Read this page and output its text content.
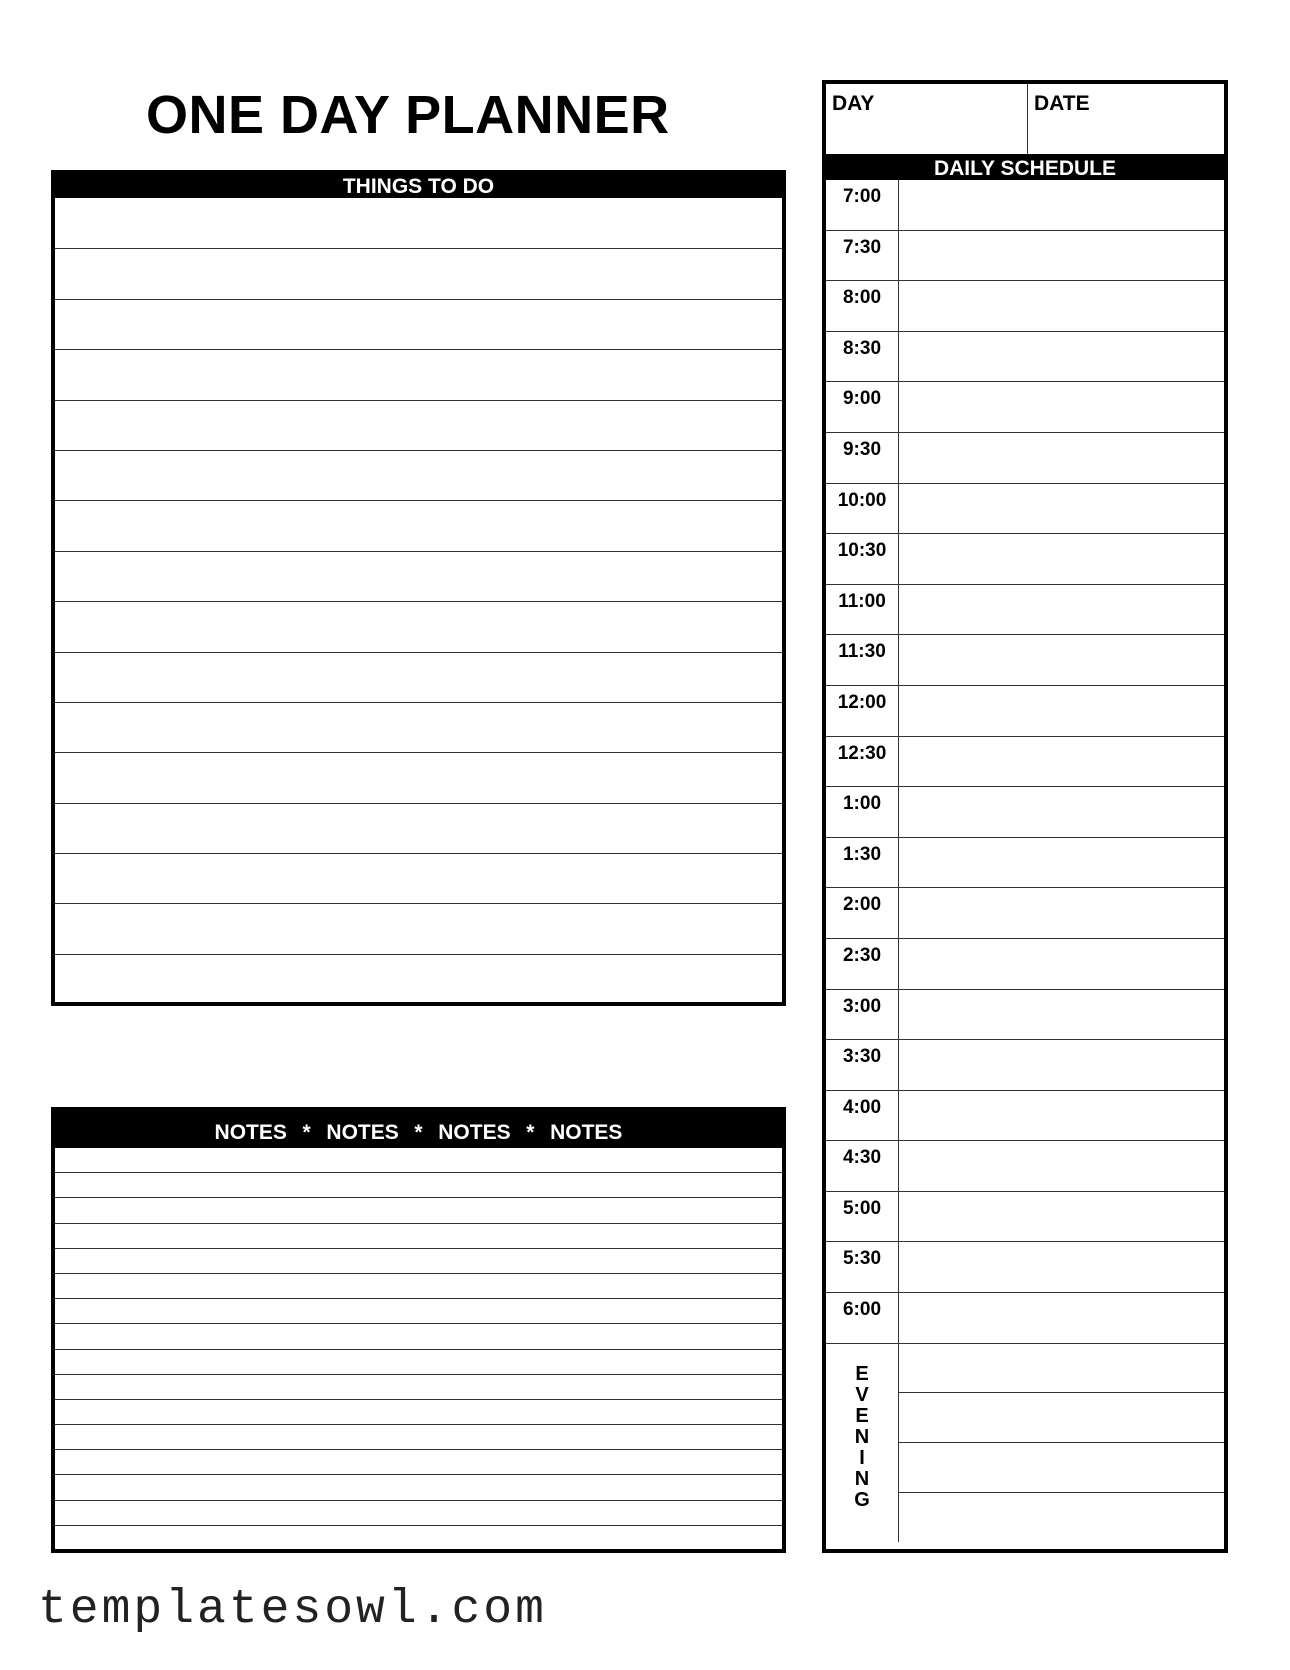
ONE DAY PLANNER
THINGS TO DO
NOTES  *  NOTES  *  NOTES  *  NOTES
DAY	DATE
DAILY SCHEDULE
7:00
7:30
8:00
8:30
9:00
9:30
10:00
10:30
11:00
11:30
12:00
12:30
1:00
1:30
2:00
2:30
3:00
3:30
4:00
4:30
5:00
5:30
6:00
E
V
E
N
I
N
G
templatesowl.com
